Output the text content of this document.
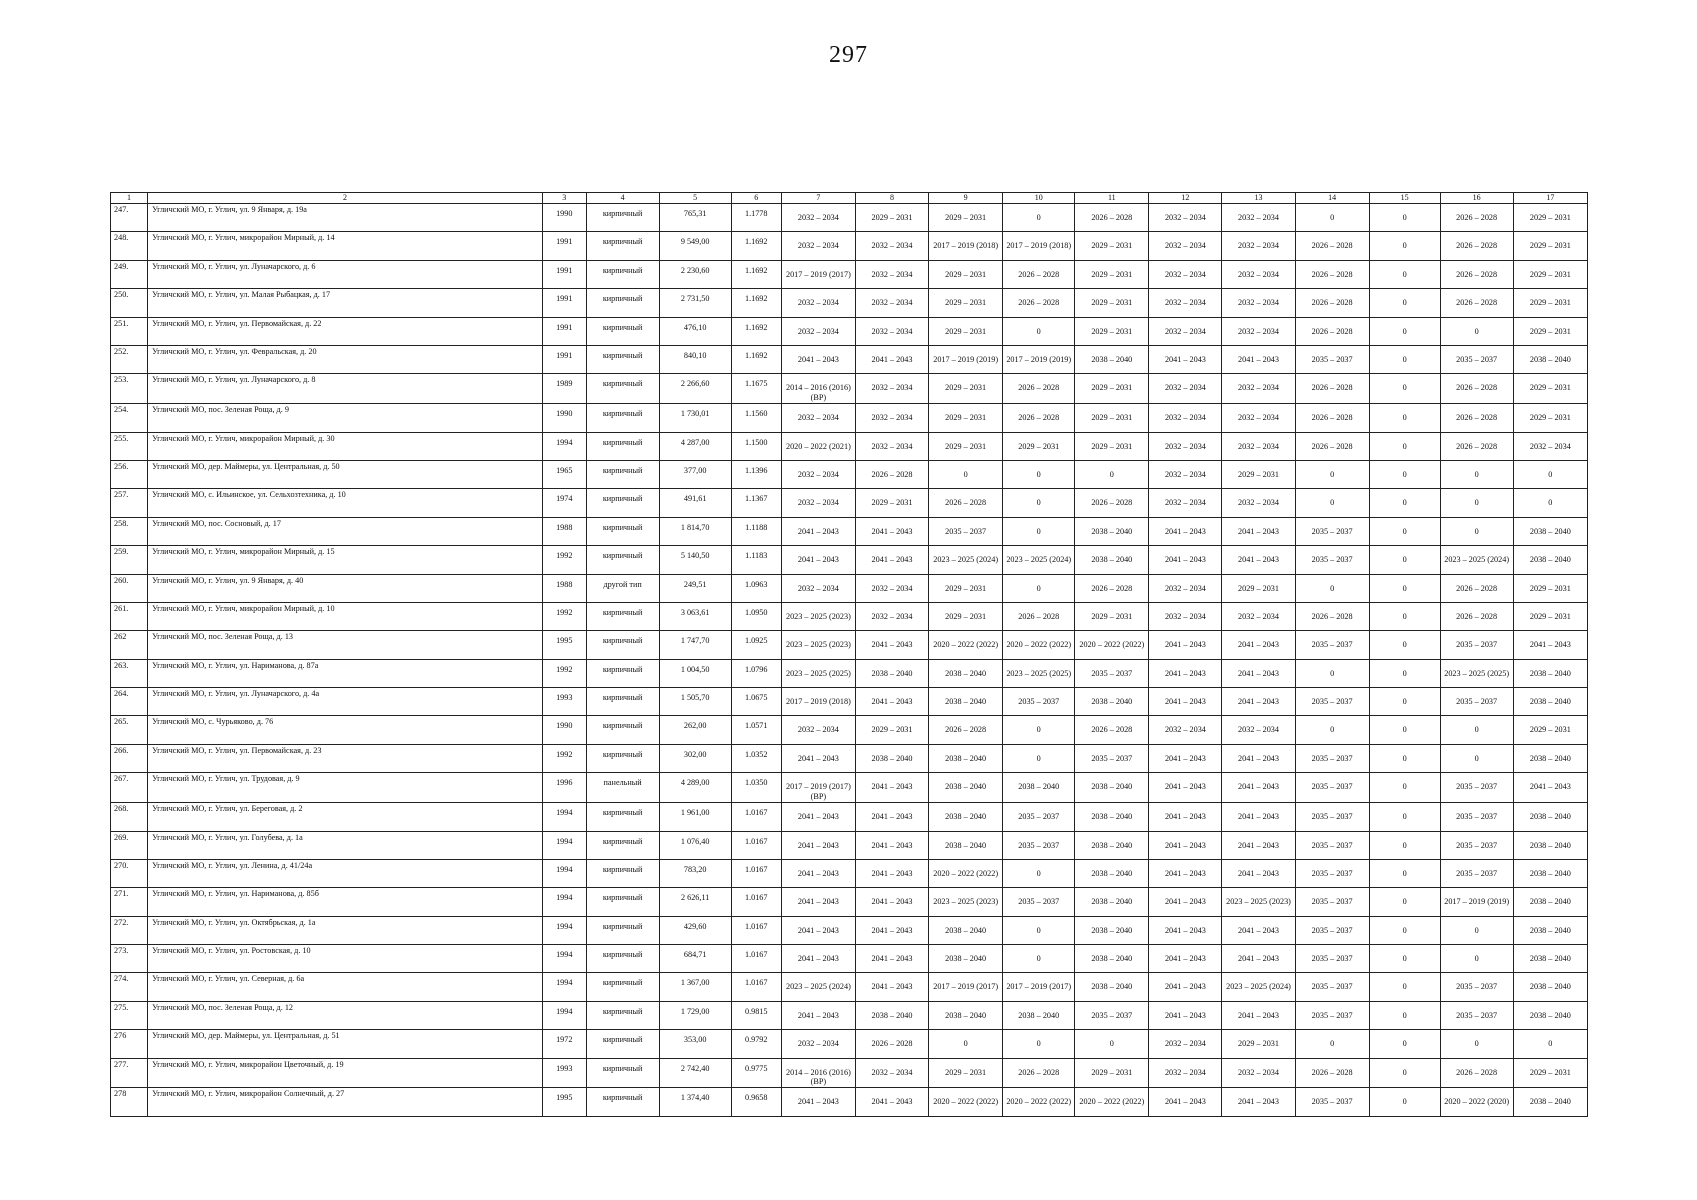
297
1	2	3	4	5	6	7	8	9	10	11	12	13	14	15	16	17
247.	Угличский МО, г. Углич, ул. 9 Января, д. 19а	1990	кирпичный	765,31	1.1778	2032 – 2034	2029 – 2031	2029 – 2031	0	2026 – 2028	2032 – 2034	2032 – 2034	0	0	2026 – 2028	2029 – 2031
248.	Угличский МО, г. Углич, микрорайон Мирный, д. 14	1991	кирпичный	9 549,00	1.1692	2032 – 2034	2032 – 2034	2017 – 2019 (2018)	2017 – 2019 (2018)	2029 – 2031	2032 – 2034	2032 – 2034	2026 – 2028	0	2026 – 2028	2029 – 2031
249.	Угличский МО, г. Углич, ул. Луначарского, д. 6	1991	кирпичный	2 230,60	1.1692	2017 – 2019 (2017)	2032 – 2034	2029 – 2031	2026 – 2028	2029 – 2031	2032 – 2034	2032 – 2034	2026 – 2028	0	2026 – 2028	2029 – 2031
250.	Угличский МО, г. Углич, ул. Малая Рыбацкая, д. 17	1991	кирпичный	2 731,50	1.1692	2032 – 2034	2032 – 2034	2029 – 2031	2026 – 2028	2029 – 2031	2032 – 2034	2032 – 2034	2026 – 2028	0	2026 – 2028	2029 – 2031
251.	Угличский МО, г. Углич, ул. Первомайская, д. 22	1991	кирпичный	476,10	1.1692	2032 – 2034	2032 – 2034	2029 – 2031	0	2029 – 2031	2032 – 2034	2032 – 2034	2026 – 2028	0	0	2029 – 2031
252.	Угличский МО, г. Углич, ул. Февральская, д. 20	1991	кирпичный	840,10	1.1692	2041 – 2043	2041 – 2043	2017 – 2019 (2019)	2017 – 2019 (2019)	2038 – 2040	2041 – 2043	2041 – 2043	2035 – 2037	0	2035 – 2037	2038 – 2040
253.	Угличский МО, г. Углич, ул. Луначарского, д. 8	1989	кирпичный	2 266,60	1.1675	2014 – 2016 (2016) (ВР)	2032 – 2034	2029 – 2031	2026 – 2028	2029 – 2031	2032 – 2034	2032 – 2034	2026 – 2028	0	2026 – 2028	2029 – 2031
254.	Угличский МО, пос. Зеленая Роща, д. 9	1990	кирпичный	1 730,01	1.1560	2032 – 2034	2032 – 2034	2029 – 2031	2026 – 2028	2029 – 2031	2032 – 2034	2032 – 2034	2026 – 2028	0	2026 – 2028	2029 – 2031
255.	Угличский МО, г. Углич, микрорайон Мирный, д. 30	1994	кирпичный	4 287,00	1.1500	2020 – 2022 (2021)	2032 – 2034	2029 – 2031	2029 – 2031	2029 – 2031	2032 – 2034	2032 – 2034	2026 – 2028	0	2026 – 2028	2032 – 2034
256.	Угличский МО, дер. Маймеры, ул. Центральная, д. 50	1965	кирпичный	377,00	1.1396	2032 – 2034	2026 – 2028	0	0	0	2032 – 2034	2029 – 2031	0	0	0	0
257.	Угличский МО, с. Ильинское, ул. Сельхозтехника, д. 10	1974	кирпичный	491,61	1.1367	2032 – 2034	2029 – 2031	2026 – 2028	0	2026 – 2028	2032 – 2034	2032 – 2034	0	0	0	0
258.	Угличский МО, пос. Сосновый, д. 17	1988	кирпичный	1 814,70	1.1188	2041 – 2043	2041 – 2043	2035 – 2037	0	2038 – 2040	2041 – 2043	2041 – 2043	2035 – 2037	0	0	2038 – 2040
259.	Угличский МО, г. Углич, микрорайон Мирный, д. 15	1992	кирпичный	5 140,50	1.1183	2041 – 2043	2041 – 2043	2023 – 2025 (2024)	2023 – 2025 (2024)	2038 – 2040	2041 – 2043	2041 – 2043	2035 – 2037	0	2023 – 2025 (2024)	2038 – 2040
260.	Угличский МО, г. Углич, ул. 9 Января, д. 40	1988	другой тип	249,51	1.0963	2032 – 2034	2032 – 2034	2029 – 2031	0	2026 – 2028	2032 – 2034	2029 – 2031	0	0	2026 – 2028	2029 – 2031
261.	Угличский МО, г. Углич, микрорайон Мирный, д. 10	1992	кирпичный	3 063,61	1.0950	2023 – 2025 (2023)	2032 – 2034	2029 – 2031	2026 – 2028	2029 – 2031	2032 – 2034	2032 – 2034	2026 – 2028	0	2026 – 2028	2029 – 2031
262	Угличский МО, пос. Зеленая Роща, д. 13	1995	кирпичный	1 747,70	1.0925	2023 – 2025 (2023)	2041 – 2043	2020 – 2022 (2022)	2020 – 2022 (2022)	2020 – 2022 (2022)	2041 – 2043	2041 – 2043	2035 – 2037	0	2035 – 2037	2041 – 2043
263.	Угличский МО, г. Углич, ул. Нариманова, д. 87а	1992	кирпичный	1 004,50	1.0796	2023 – 2025 (2025)	2038 – 2040	2038 – 2040	2023 – 2025 (2025)	2035 – 2037	2041 – 2043	2041 – 2043	0	0	2023 – 2025 (2025)	2038 – 2040
264.	Угличский МО, г. Углич, ул. Луначарского, д. 4а	1993	кирпичный	1 505,70	1.0675	2017 – 2019 (2018)	2041 – 2043	2038 – 2040	2035 – 2037	2038 – 2040	2041 – 2043	2041 – 2043	2035 – 2037	0	2035 – 2037	2038 – 2040
265.	Угличский МО, с. Чурьяково, д. 76	1990	кирпичный	262,00	1.0571	2032 – 2034	2029 – 2031	2026 – 2028	0	2026 – 2028	2032 – 2034	2032 – 2034	0	0	0	2029 – 2031
266.	Угличский МО, г. Углич, ул. Первомайская, д. 23	1992	кирпичный	302,00	1.0352	2041 – 2043	2038 – 2040	2038 – 2040	0	2035 – 2037	2041 – 2043	2041 – 2043	2035 – 2037	0	0	2038 – 2040
267.	Угличский МО, г. Углич, ул. Трудовая, д. 9	1996	панельный	4 289,00	1.0350	2017 – 2019 (2017) (ВР)	2041 – 2043	2038 – 2040	2038 – 2040	2038 – 2040	2041 – 2043	2041 – 2043	2035 – 2037	0	2035 – 2037	2041 – 2043
268.	Угличский МО, г. Углич, ул. Береговая, д. 2	1994	кирпичный	1 961,00	1.0167	2041 – 2043	2041 – 2043	2038 – 2040	2035 – 2037	2038 – 2040	2041 – 2043	2041 – 2043	2035 – 2037	0	2035 – 2037	2038 – 2040
269.	Угличский МО, г. Углич, ул. Голубева, д. 1а	1994	кирпичный	1 076,40	1.0167	2041 – 2043	2041 – 2043	2038 – 2040	2035 – 2037	2038 – 2040	2041 – 2043	2041 – 2043	2035 – 2037	0	2035 – 2037	2038 – 2040
270.	Угличский МО, г. Углич, ул. Ленина, д. 41/24а	1994	кирпичный	783,20	1.0167	2041 – 2043	2041 – 2043	2020 – 2022 (2022)	0	2038 – 2040	2041 – 2043	2041 – 2043	2035 – 2037	0	2035 – 2037	2038 – 2040
271.	Угличский МО, г. Углич, ул. Нариманова, д. 85б	1994	кирпичный	2 626,11	1.0167	2041 – 2043	2041 – 2043	2023 – 2025 (2023)	2035 – 2037	2038 – 2040	2041 – 2043	2023 – 2025 (2023)	2035 – 2037	0	2017 – 2019 (2019)	2038 – 2040
272.	Угличский МО, г. Углич, ул. Октябрьская, д. 1а	1994	кирпичный	429,60	1.0167	2041 – 2043	2041 – 2043	2038 – 2040	0	2038 – 2040	2041 – 2043	2041 – 2043	2035 – 2037	0	0	2038 – 2040
273.	Угличский МО, г. Углич, ул. Ростовская, д. 10	1994	кирпичный	684,71	1.0167	2041 – 2043	2041 – 2043	2038 – 2040	0	2038 – 2040	2041 – 2043	2041 – 2043	2035 – 2037	0	0	2038 – 2040
274.	Угличский МО, г. Углич, ул. Северная, д. 6а	1994	кирпичный	1 367,00	1.0167	2023 – 2025 (2024)	2041 – 2043	2017 – 2019 (2017)	2017 – 2019 (2017)	2038 – 2040	2041 – 2043	2023 – 2025 (2024)	2035 – 2037	0	2035 – 2037	2038 – 2040
275.	Угличский МО, пос. Зеленая Роща, д. 12	1994	кирпичный	1 729,00	0.9815	2041 – 2043	2038 – 2040	2038 – 2040	2038 – 2040	2035 – 2037	2041 – 2043	2041 – 2043	2035 – 2037	0	2035 – 2037	2038 – 2040
276	Угличский МО, дер. Маймеры, ул. Центральная, д. 51	1972	кирпичный	353,00	0.9792	2032 – 2034	2026 – 2028	0	0	0	2032 – 2034	2029 – 2031	0	0	0	0
277.	Угличский МО, г. Углич, микрорайон Цветочный, д. 19	1993	кирпичный	2 742,40	0.9775	2014 – 2016 (2016) (ВР)	2032 – 2034	2029 – 2031	2026 – 2028	2029 – 2031	2032 – 2034	2032 – 2034	2026 – 2028	0	2026 – 2028	2029 – 2031
278	Угличский МО, г. Углич, микрорайон Солнечный, д. 27	1995	кирпичный	1 374,40	0.9658	2041 – 2043	2041 – 2043	2020 – 2022 (2022)	2020 – 2022 (2022)	2020 – 2022 (2022)	2041 – 2043	2041 – 2043	2035 – 2037	0	2020 – 2022 (2020)	2038 – 2040
